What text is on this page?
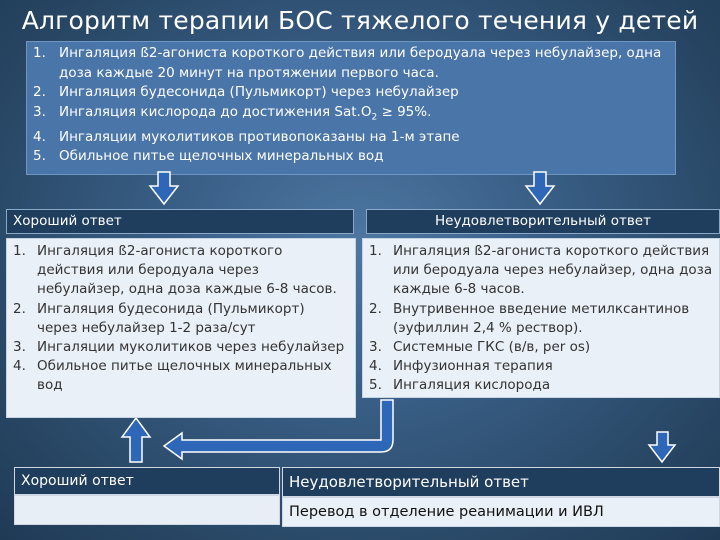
Алгоритм терапии БОС тяжелого течения у детей
1. Ингаляция ß2-агониста короткого действия или беродуала через небулайзер, одна доза каждые 20 минут на протяжении первого часа.
2. Ингаляция будесонида (Пульмикорт) через небулайзер
3. Ингаляция кислорода до достижения $Sat.O_2 \ge 95\%$.
4. Ингаляции муколитиков противопоказаны на 1-м этапе
5. Обильное питье щелочных минеральных вод
Хороший ответ	Неудовлетворительный ответ
1. Ингаляция ß2-агониста короткого действия или беродуала через небулайзер, одна доза каждые 6-8 часов.
2. Ингаляция будесонида (Пульмикорт) через небулайзер 1-2 раза/сут
3. Ингаляции муколитиков через небулайзер
4. Обильное питье щелочных минеральных вод
1. Ингаляция ß2-агониста короткого действия или беродуала через небулайзер, одна доза каждые 6-8 часов.
2. Внутривенное введение метилксантинов (эуфиллин 2,4 % рeствор).
3. Системные ГКС (в/в, per os)
4. Инфузионная терапия
5. Ингаляция кислорода
Хороший ответ	Неудовлетворительный ответ
Перевод в отделение реанимации и ИВЛ
